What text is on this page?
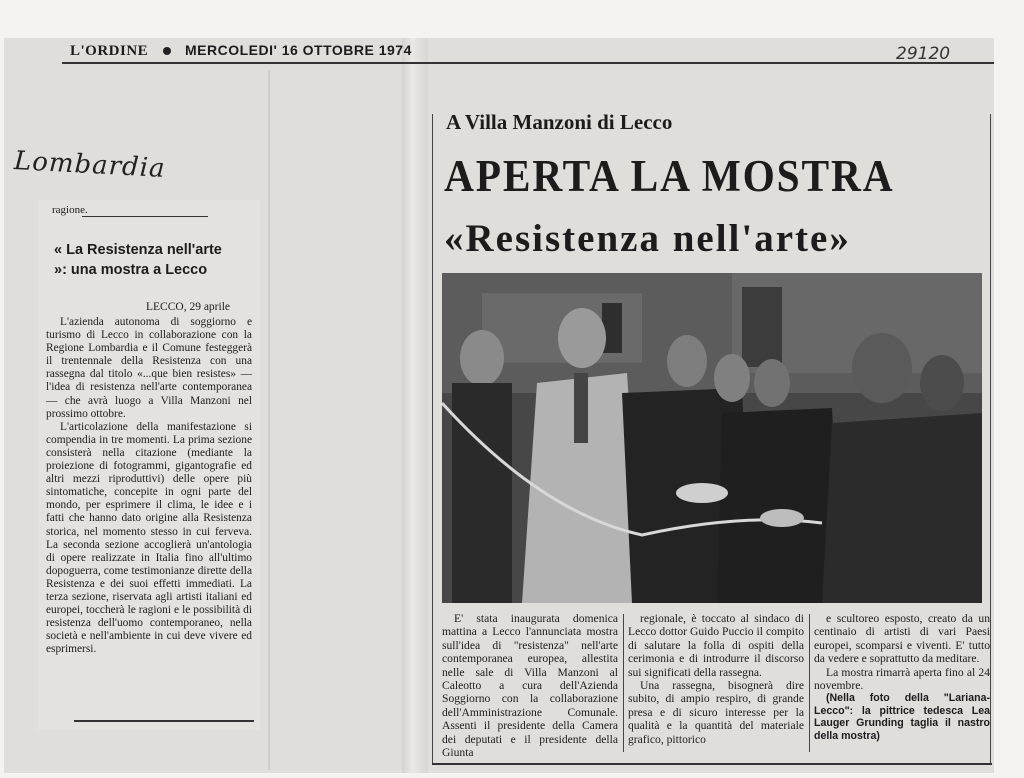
L'ORDINE	MERCOLEDI' 16 OTTOBRE 1974	29120
Lombardia
ragione.
« La Resistenza nell'arte »: una mostra a Lecco
LECCO, 29 aprile

L'azienda autonoma di soggiorno e turismo di Lecco in collaborazione con la Regione Lombardia e il Comune festeggerà il trentennale della Resistenza con una rassegna dal titolo «...que bien resistes» — l'idea di resistenza nell'arte contemporanea — che avrà luogo a Villa Manzoni nel prossimo ottobre.

L'articolazione della manifestazione si compendia in tre momenti. La prima sezione consisterà nella citazione (mediante la proiezione di fotogrammi, gigantografie ed altri mezzi riproduttivi) delle opere più sintomatiche, concepite in ogni parte del mondo, per esprimere il clima, le idee e i fatti che hanno dato origine alla Resistenza storica, nel momento stesso in cui ferveva. La seconda sezione accoglierà un'antologia di opere realizzate in Italia fino all'ultimo dopoguerra, come testimonianze dirette della Resistenza e dei suoi effetti immediati. La terza sezione, riservata agli artisti italiani ed europei, toccherà le ragioni e le possibilità di resistenza dell'uomo contemporaneo, nella società e nell'ambiente in cui deve vivere ed esprimersi.

A Villa Manzoni di Lecco
APERTA LA MOSTRA
«Resistenza nell'arte»

E' stata inaugurata domenica mattina a Lecco l'annunciata mostra sull'idea di "resistenza" nell'arte contemporanea europea, allestita nelle sale di Villa Manzoni al Caleotto a cura dell'Azienda Soggiorno con la collaborazione dell'Amministrazione Comunale. Assenti il presidente della Camera dei deputati e il presidente della Giunta

regionale, è toccato al sindaco di Lecco dottor Guido Puccio il compito di salutare la folla di ospiti della cerimonia e di introdurre il discorso sui significati della rassegna.

Una rassegna, bisognerà dire subito, di ampio respiro, di grande presa e di sicuro interesse per la qualità e la quantità del materiale grafico, pittorico

e scultoreo esposto, creato da un centinaio di artisti di vari Paesi europei, scomparsi e viventi. E' tutto da vedere e soprattutto da meditare.

La mostra rimarrà aperta fino al 24 novembre.

(Nella foto della "Lariana-Lecco": la pittrice tedesca Lea Lauger Grunding taglia il nastro della mostra)
